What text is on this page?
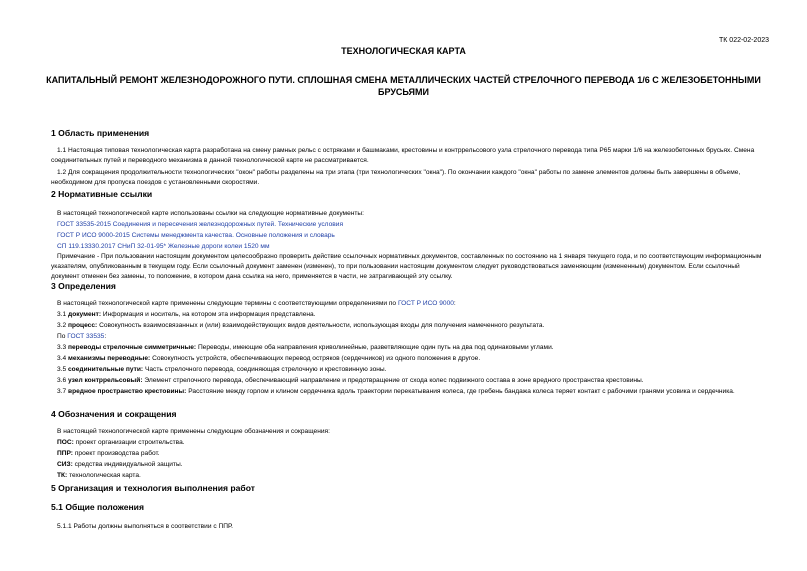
ТК 022-02-2023
ТЕХНОЛОГИЧЕСКАЯ КАРТА
КАПИТАЛЬНЫЙ РЕМОНТ ЖЕЛЕЗНОДОРОЖНОГО ПУТИ. СПЛОШНАЯ СМЕНА МЕТАЛЛИЧЕСКИХ ЧАСТЕЙ СТРЕЛОЧНОГО ПЕРЕВОДА 1/6 С ЖЕЛЕЗОБЕТОННЫМИ БРУСЬЯМИ
1 Область применения
1.1 Настоящая типовая технологическая карта разработана на смену рамных рельс с остряками и башмаками, крестовины и контррельсового узла стрелочного перевода типа Р65 марки 1/6 на железобетонных брусьях. Смена соединительных путей и переводного механизма в данной технологической карте не рассматривается.
1.2 Для сокращения продолжительности технологических "окон" работы разделены на три этапа (три технологических "окна"). По окончании каждого "окна" работы по замене элементов должны быть завершены в объеме, необходимом для пропуска поездов с установленными скоростями.
2 Нормативные ссылки
В настоящей технологической карте использованы ссылки на следующие нормативные документы:
ГОСТ 33535-2015 Соединения и пересечения железнодорожных путей. Технические условия
ГОСТ Р ИСО 9000-2015 Системы менеджмента качества. Основные положения и словарь
СП 119.13330.2017 СНиП 32-01-95* Железные дороги колеи 1520 мм
Примечание - При пользовании настоящим документом целесообразно проверить действие ссылочных нормативных документов, составленных по состоянию на 1 января текущего года, и по соответствующим информационным указателям, опубликованным в текущем году. Если ссылочный документ заменен (изменен), то при пользовании настоящим документом следует руководствоваться заменяющим (измененным) документом. Если ссылочный документ отменен без замены, то положение, в котором дана ссылка на него, применяется в части, не затрагивающей эту ссылку.
3 Определения
В настоящей технологической карте применены следующие термины с соответствующими определениями по ГОСТ Р ИСО 9000:
3.1 документ: Информация и носитель, на котором эта информация представлена.
3.2 процесс: Совокупность взаимосвязанных и (или) взаимодействующих видов деятельности, использующая входы для получения намеченного результата.
По ГОСТ 33535:
3.3 переводы стрелочные симметричные: Переводы, имеющие оба направления криволинейные, разветвляющие один путь на два под одинаковыми углами.
3.4 механизмы переводные: Совокупность устройств, обеспечивающих перевод остряков (сердечников) из одного положения в другое.
3.5 соединительные пути: Часть стрелочного перевода, соединяющая стрелочную и крестовинную зоны.
3.6 узел контррельсовый: Элемент стрелочного перевода, обеспечивающий направление и предотвращение от схода колес подвижного состава в зоне вредного пространства крестовины.
3.7 вредное пространство крестовины: Расстояние между горлом и клином сердечника вдоль траектории перекатывания колеса, где гребень бандажа колеса теряет контакт с рабочими гранями усовика и сердечника.
4 Обозначения и сокращения
В настоящей технологической карте применены следующие обозначения и сокращения:
ПОС: проект организации строительства.
ППР: проект производства работ.
СИЗ: средства индивидуальной защиты.
ТК: технологическая карта.
5 Организация и технология выполнения работ
5.1 Общие положения
5.1.1 Работы должны выполняться в соответствии с ППР.
